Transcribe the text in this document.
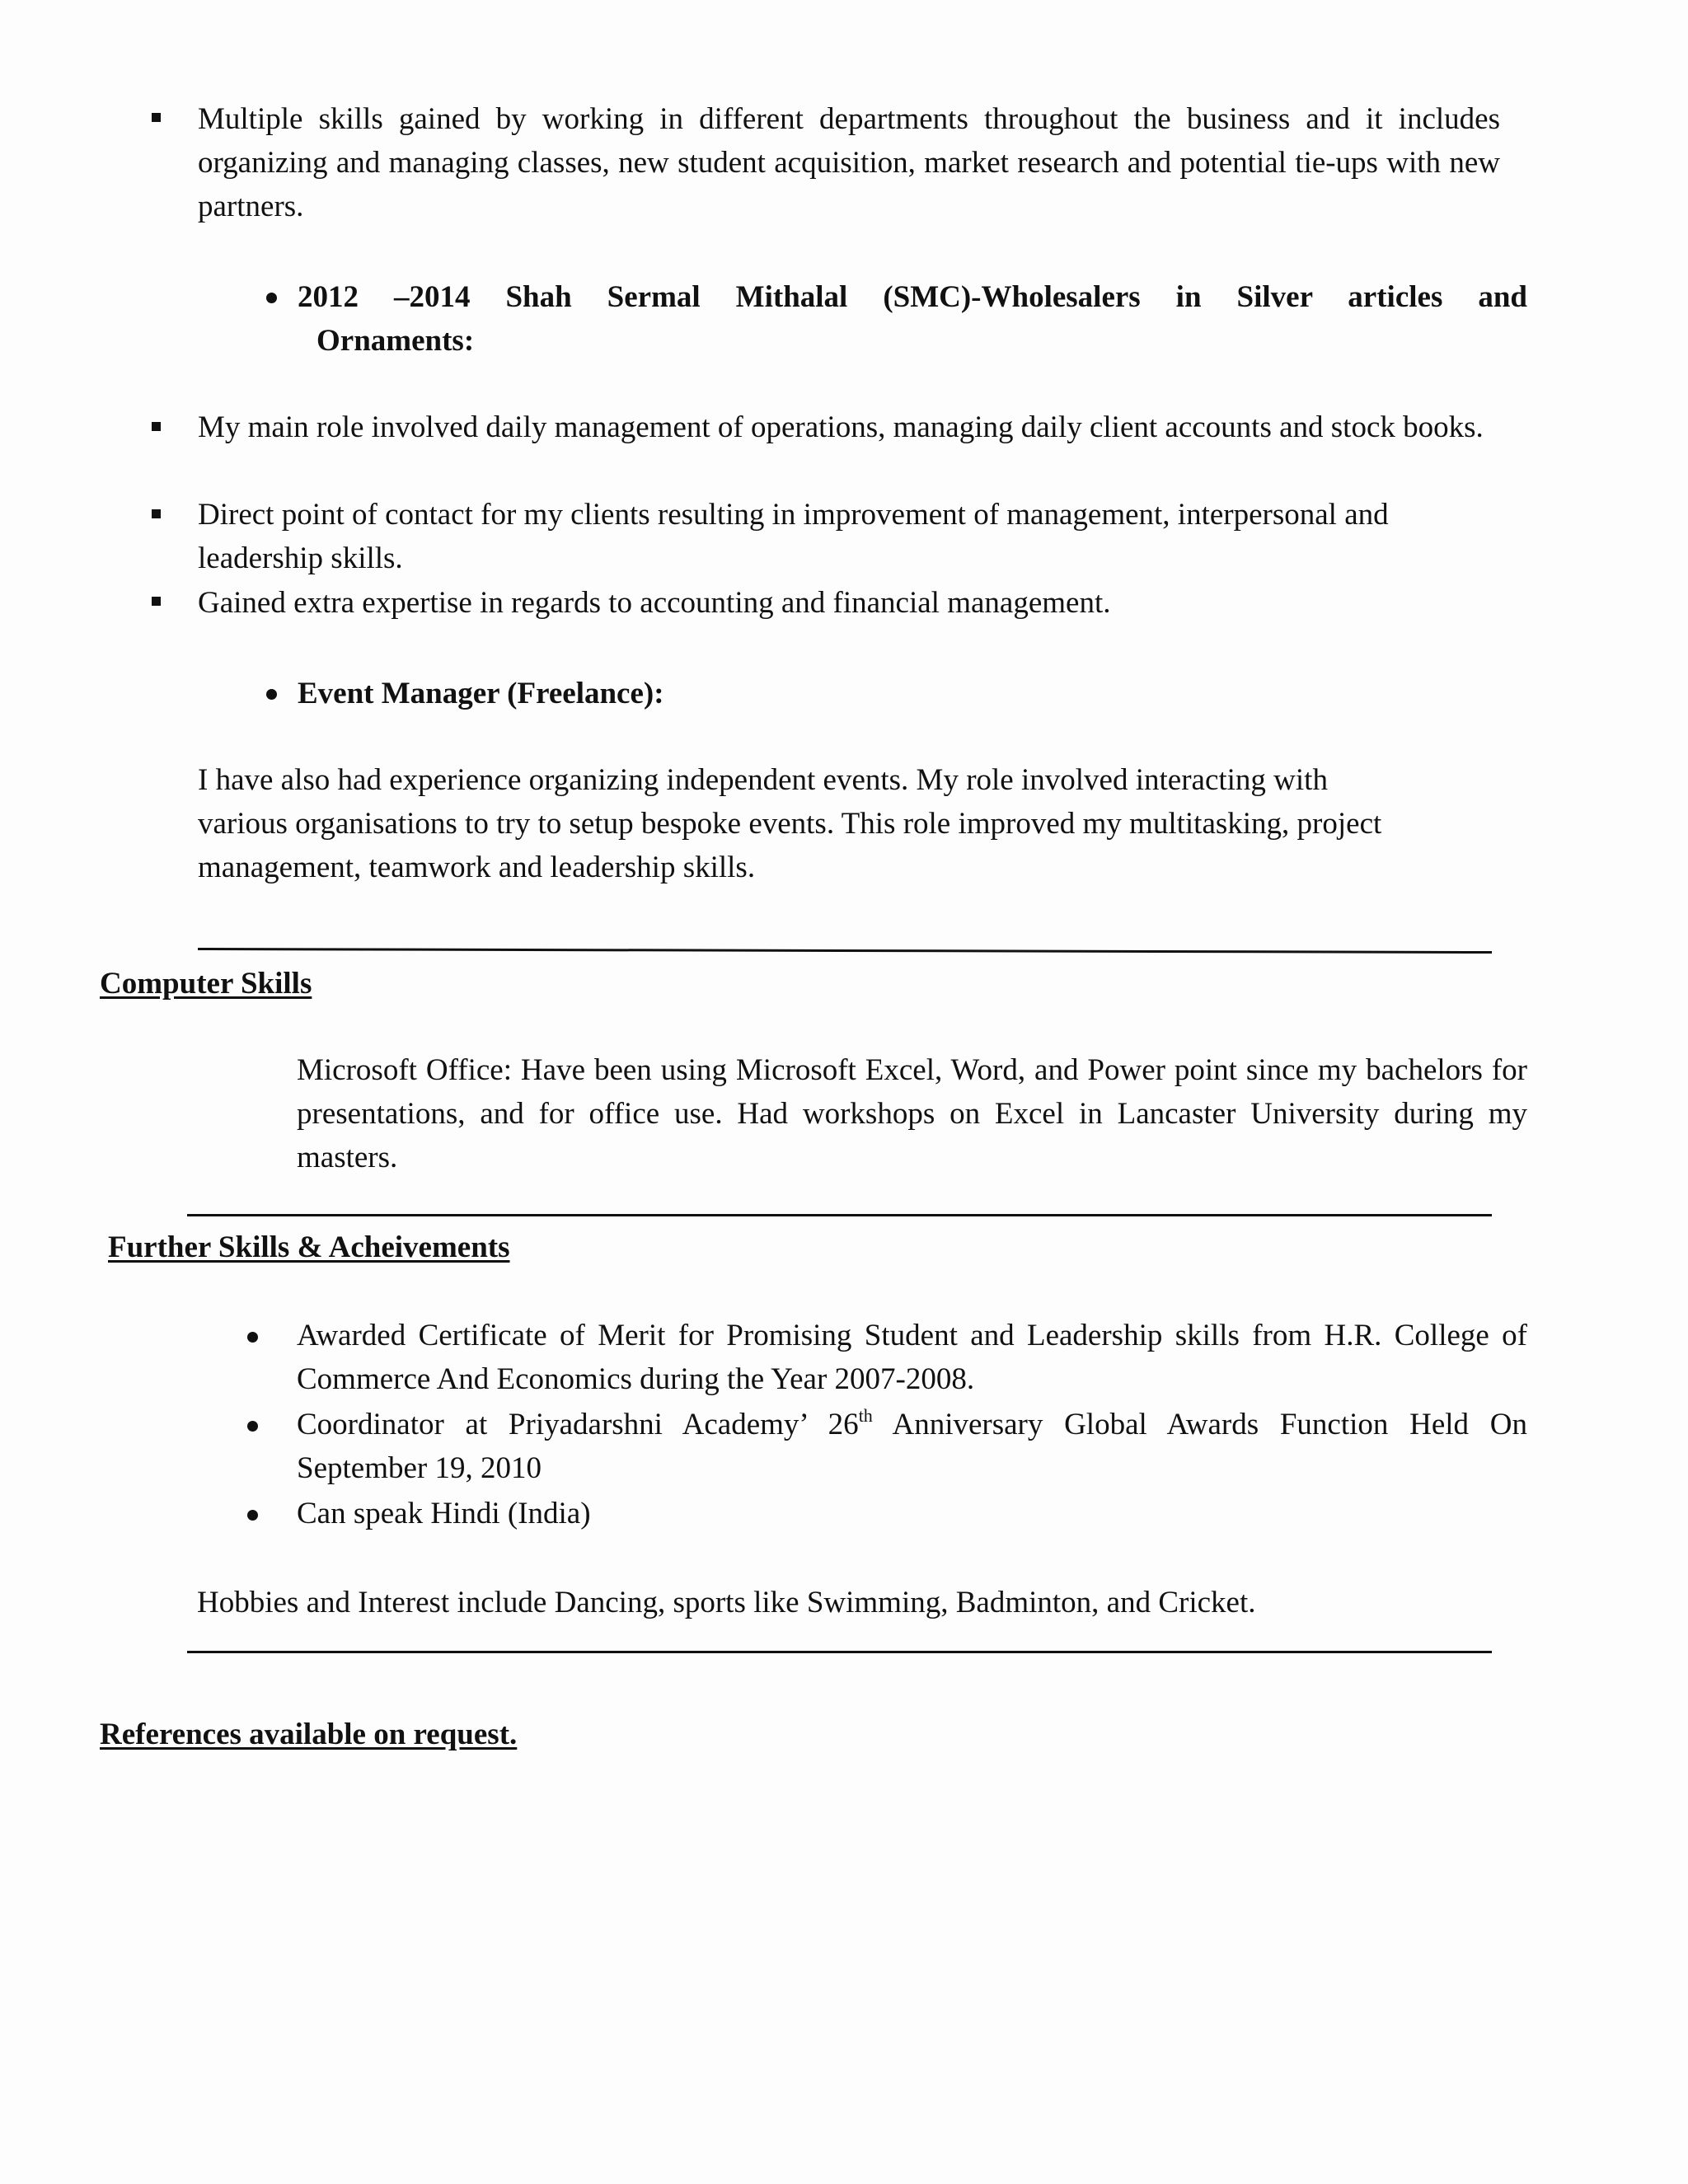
Multiple skills gained by working in different departments throughout the business and it includes organizing and managing classes, new student acquisition, market research and potential tie-ups with new partners.
2012 –2014 Shah Sermal Mithalal (SMC)-Wholesalers in Silver articles and
Ornaments:
My main role involved daily management of operations, managing daily client accounts and stock books.
Direct point of contact for my clients resulting in improvement of management, interpersonal and leadership skills.
Gained extra expertise in regards to accounting and financial management.
Event Manager (Freelance):
I have also had experience organizing independent events. My role involved interacting with various organisations to try to setup bespoke events. This role improved my multitasking, project management, teamwork and leadership skills.
Computer Skills
Microsoft Office: Have been using Microsoft Excel, Word, and Power point since my bachelors for presentations, and for office use. Had workshops on Excel in Lancaster University during my masters.
Further Skills & Acheivements
Awarded Certificate of Merit for Promising Student and Leadership skills from H.R. College of Commerce And Economics during the Year 2007-2008.
Coordinator at Priyadarshni Academy’ 26th Anniversary Global Awards Function Held On September 19, 2010
Can speak Hindi (India)
Hobbies and Interest include Dancing, sports like Swimming, Badminton, and Cricket.
References available on request.
